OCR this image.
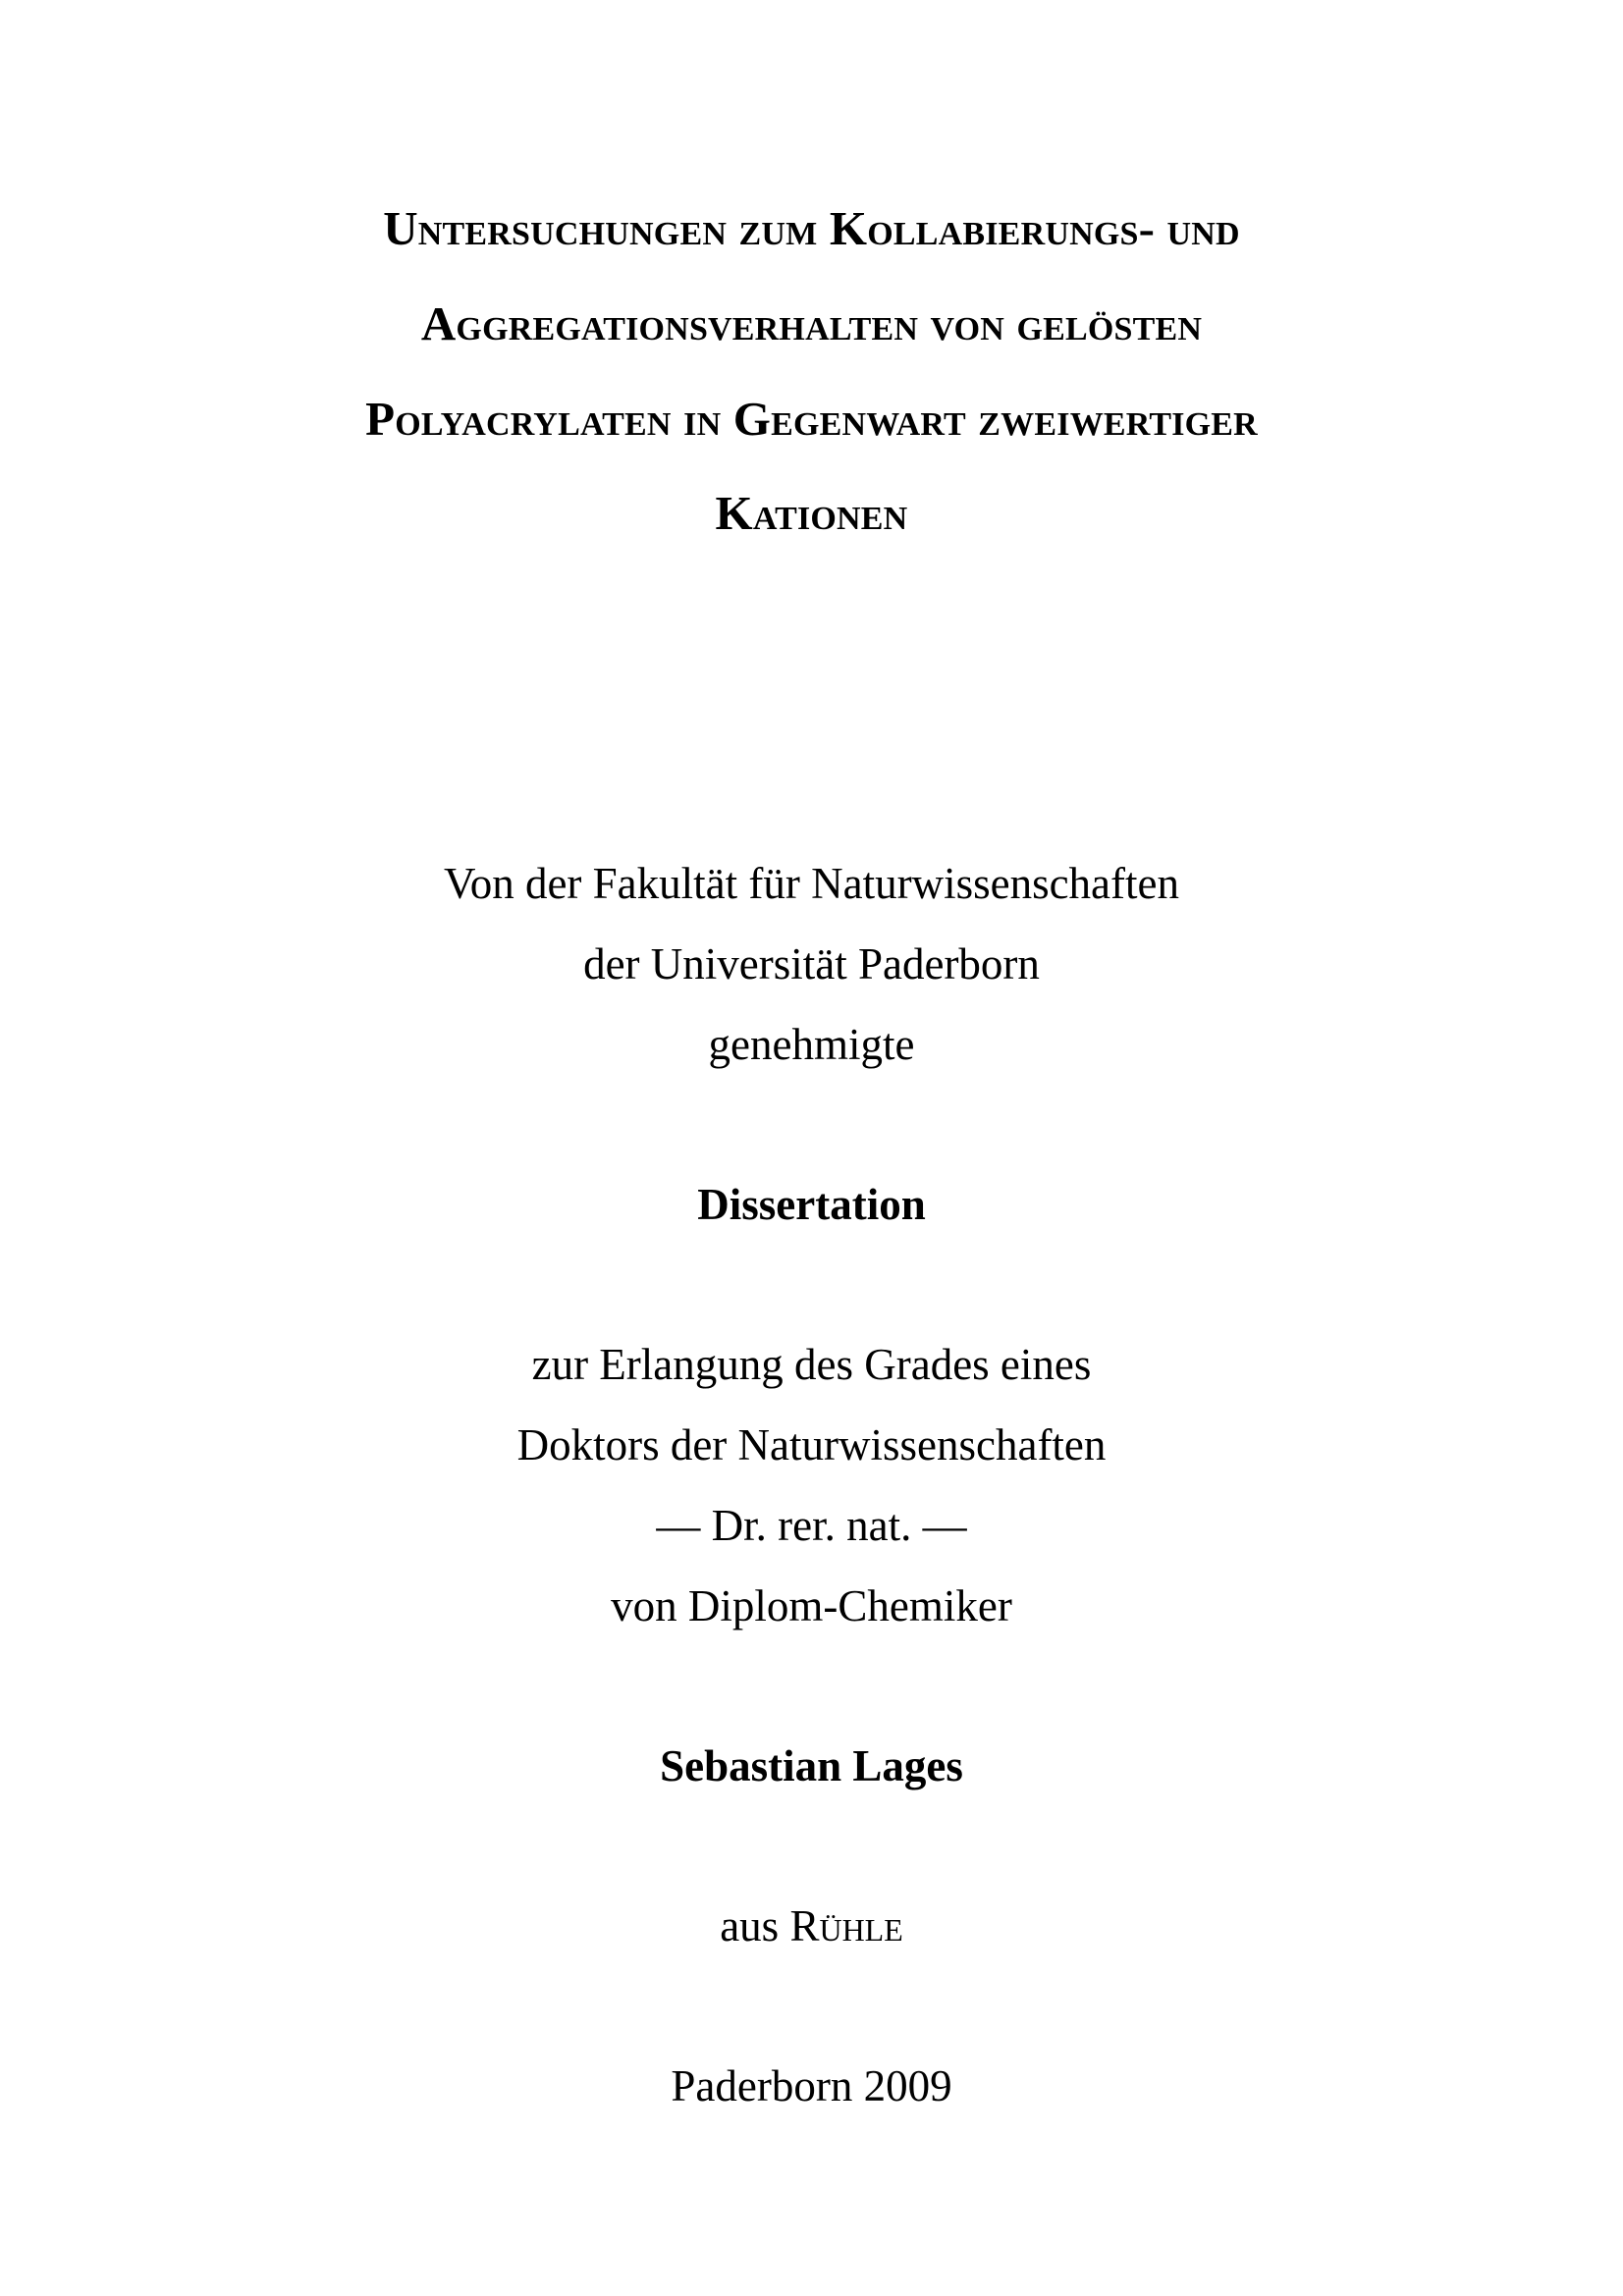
Untersuchungen zum Kollabierungs- und
Aggregationsverhalten von gelösten
Polyacrylaten in Gegenwart zweiwertiger
Kationen
Von der Fakultät für Naturwissenschaften
der Universität Paderborn
genehmigte
Dissertation
zur Erlangung des Grades eines
Doktors der Naturwissenschaften
— Dr. rer. nat. —
von Diplom-Chemiker
Sebastian Lages
aus Rühle
Paderborn 2009
